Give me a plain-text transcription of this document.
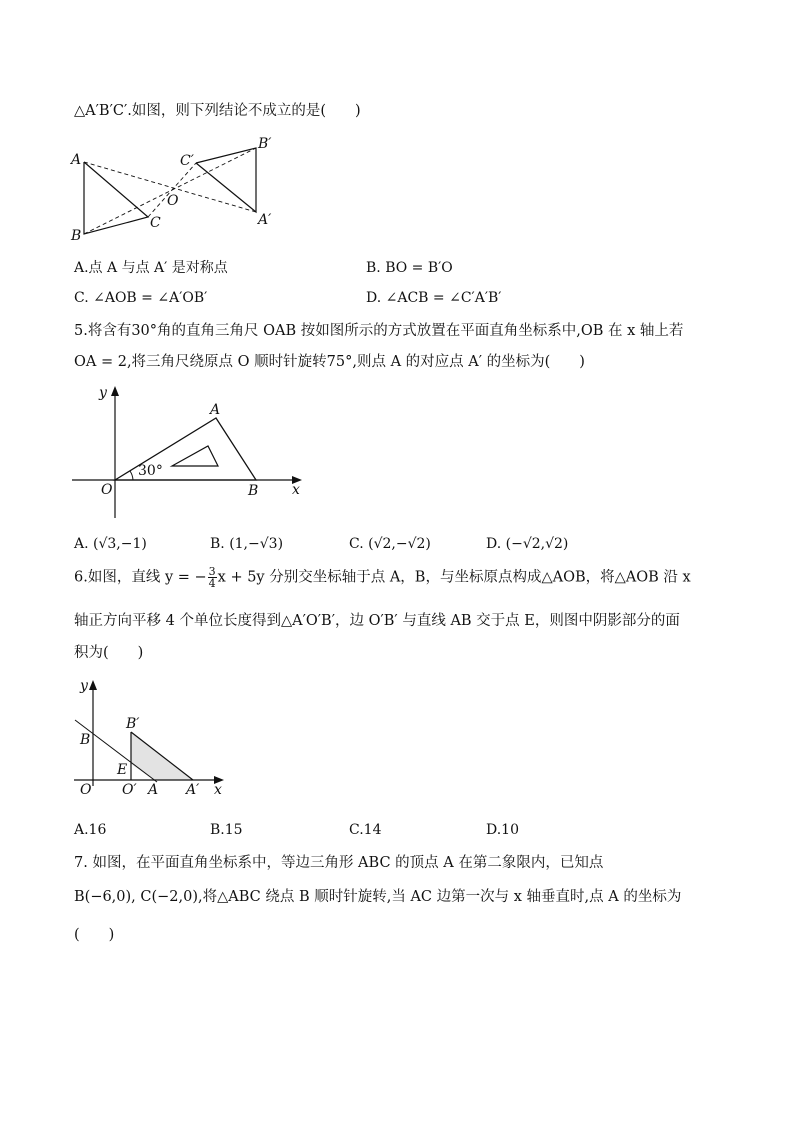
△A′B′C′.如图，则下列结论不成立的是(　　)
A
B
C
O
C′
B′
A′
A.点 A 与点 A′ 是对称点	B. BO = B′O
C. ∠AOB = ∠A′OB′	D. ∠ACB = ∠C′A′B′
5.将含有30°角的直角三角尺 OAB 按如图所示的方式放置在平面直角坐标系中,OB 在 x 轴上若
OA = 2,将三角尺绕原点 O 顺时针旋转75°,则点 A 的对应点 A′ 的坐标为(　　)
y
x
O
A
B
30°
A. (√3,−1)	B. (1,−√3)	C. (√2,−√2)	D. (−√2,√2)
6.如图，直线 y = − $\frac{3}{4}$ x + 5y 分别交坐标轴于点 A，B，与坐标原点构成△AOB，将△AOB 沿 x
轴正方向平移 4 个单位长度得到△A′O′B′，边 O′B′ 与直线 AB 交于点 E，则图中阴影部分的面
积为(　　)
y
x
O O′ A A′
B
B′
E
A.16	B.15	C.14	D.10
7. 如图，在平面直角坐标系中，等边三角形 ABC 的顶点 A 在第二象限内，已知点
B(−6,0), C(−2,0),将△ABC 绕点 B 顺时针旋转,当 AC 边第一次与 x 轴垂直时,点 A 的坐标为
(　　)
